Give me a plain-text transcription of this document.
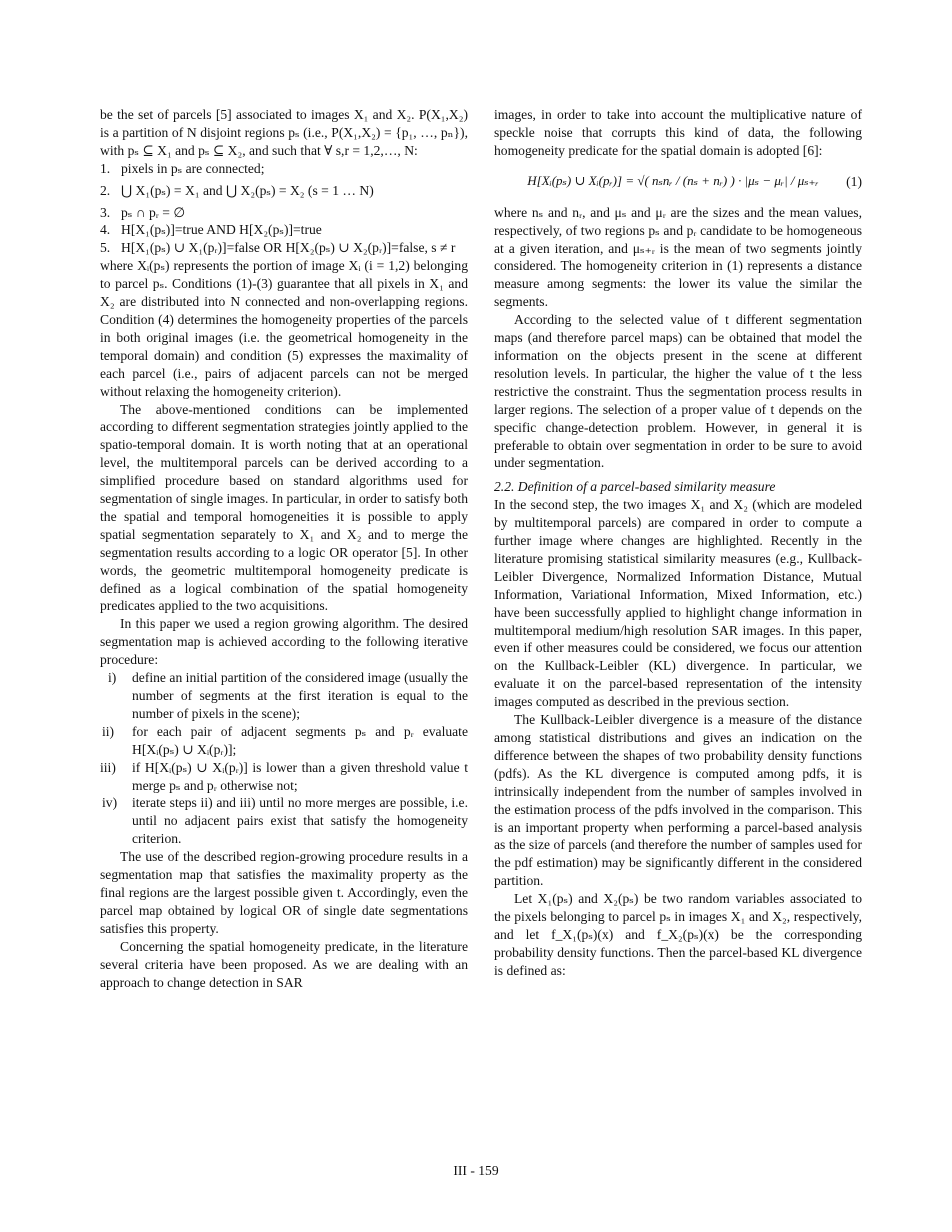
be the set of parcels [5] associated to images X₁ and X₂. P(X₁,X₂) is a partition of N disjoint regions pₛ (i.e., P(X₁,X₂) = {p₁, …, pₙ}), with pₛ ⊆ X₁ and pₛ ⊆ X₂, and such that ∀ s,r = 1,2,…, N:

1. pixels in pₛ are connected;
2. ⋃ X₁(pₛ) = X₁ and ⋃ X₂(pₛ) = X₂ (s = 1 … N)
3. pₛ ∩ pᵣ = ∅
4. H[X₁(pₛ)]=true AND H[X₂(pₛ)]=true
5. H[X₁(pₛ) ∪ X₁(pᵣ)]=false OR H[X₂(pₛ) ∪ X₂(pᵣ)]=false, s ≠ r

where Xᵢ(pₛ) represents the portion of image Xᵢ (i = 1,2) belonging to parcel pₛ. Conditions (1)-(3) guarantee that all pixels in X₁ and X₂ are distributed into N connected and non-overlapping regions. Condition (4) determines the homogeneity properties of the parcels in both original images (i.e. the geometrical homogeneity in the temporal domain) and condition (5) expresses the maximality of each parcel (i.e., pairs of adjacent parcels can not be merged without relaxing the homogeneity criterion).

The above-mentioned conditions can be implemented according to different segmentation strategies jointly applied to the spatio-temporal domain. It is worth noting that at an operational level, the multitemporal parcels can be derived according to a simplified procedure based on standard algorithms used for segmentation of single images. In particular, in order to satisfy both the spatial and temporal homogeneities it is possible to apply spatial segmentation separately to X₁ and X₂ and to merge the segmentation results according to a logic OR operator [5]. In other words, the geometric multitemporal homogeneity predicate is defined as a logical combination of the spatial homogeneity predicates applied to the two acquisitions.

In this paper we used a region growing algorithm. The desired segmentation map is achieved according to the following iterative procedure:

i) define an initial partition of the considered image (usually the number of segments at the first iteration is equal to the number of pixels in the scene);
ii) for each pair of adjacent segments pₛ and pᵣ evaluate H[Xᵢ(pₛ) ∪ Xᵢ(pᵣ)];
iii) if H[Xᵢ(pₛ) ∪ Xᵢ(pᵣ)] is lower than a given threshold value t merge pₛ and pᵣ otherwise not;
iv) iterate steps ii) and iii) until no more merges are possible, i.e. until no adjacent pairs exist that satisfy the homogeneity criterion.

The use of the described region-growing procedure results in a segmentation map that satisfies the maximality property as the final regions are the largest possible given t. Accordingly, even the parcel map obtained by logical OR of single date segmentations satisfies this property.

Concerning the spatial homogeneity predicate, in the literature several criteria have been proposed. As we are dealing with an approach to change detection in SAR

images, in order to take into account the multiplicative nature of speckle noise that corrupts this kind of data, the following homogeneity predicate for the spatial domain is adopted [6]:

H[Xᵢ(pₛ) ∪ Xᵢ(pᵣ)] = √( nₛnᵣ / (nₛ + nᵣ) ) · |μₛ − μᵣ| / μₛ₊ᵣ (1)

where nₛ and nᵣ, and μₛ and μᵣ are the sizes and the mean values, respectively, of two regions pₛ and pᵣ candidate to be homogeneous at a given iteration, and μₛ₊ᵣ is the mean of two segments jointly considered. The homogeneity criterion in (1) represents a distance measure among segments: the lower its value the similar the segments.

According to the selected value of t different segmentation maps (and therefore parcel maps) can be obtained that model the information on the objects present in the scene at different resolution levels. In particular, the higher the value of t the less restrictive the constraint. Thus the segmentation process results in larger regions. The selection of a proper value of t depends on the specific change-detection problem. However, in general it is preferable to obtain over segmentation in order to be sure to avoid under segmentation.

2.2. Definition of a parcel-based similarity measure

In the second step, the two images X₁ and X₂ (which are modeled by multitemporal parcels) are compared in order to compute a further image where changes are highlighted. Recently in the literature promising statistical similarity measures (e.g., Kullback-Leibler Divergence, Normalized Information Distance, Mutual Information, Variational Information, Mixed Information, etc.) have been successfully applied to highlight change information in multitemporal medium/high resolution SAR images. In this paper, even if other measures could be considered, we focus our attention on the Kullback-Leibler (KL) divergence. In particular, we evaluate it on the parcel-based representation of the intensity images computed as described in the previous section.

The Kullback-Leibler divergence is a measure of the distance among statistical distributions and gives an indication on the difference between the shapes of two probability density functions (pdfs). As the KL divergence is computed among pdfs, it is intrinsically independent from the number of samples involved in the estimation process of the pdfs involved in the comparison. This is an important property when performing a parcel-based analysis as the size of parcels (and therefore the number of samples used for the pdf estimation) may be significantly different in the considered partition.

Let X₁(pₛ) and X₂(pₛ) be two random variables associated to the pixels belonging to parcel pₛ in images X₁ and X₂, respectively, and let f_X₁(pₛ)(x) and f_X₂(pₛ)(x) be the corresponding probability density functions. Then the parcel-based KL divergence is defined as:

III - 159
